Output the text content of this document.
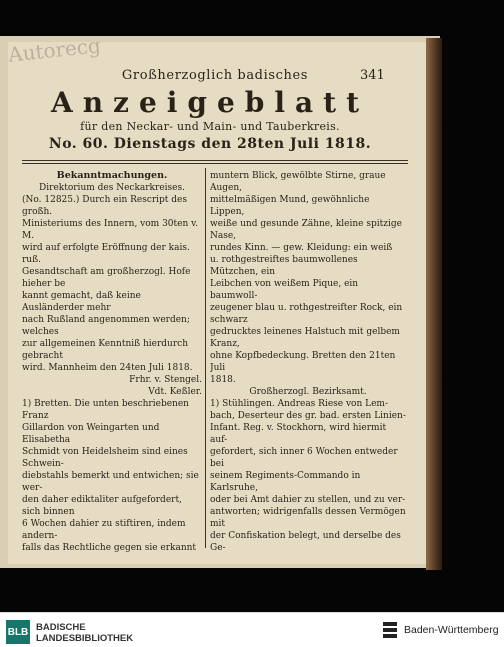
Autorecg
Großherzoglich badisches	341
Anzeigeblatt
für den Neckar- und Main- und Tauberkreis.
No. 60. Dienstags den 28ten Juli 1818.

Bekanntmachungen.

Direktorium des Neckarkreises.

(No. 12825.) Durch ein Rescript des großh.

Ministeriums des Innern, vom 30ten v. M.

wird auf erfolgte Eröffnung der kais. ruß.

Gesandtschaft am großherzogl. Hofe hieher be

kannt gemacht, daß keine Ausländerder mehr

nach Rußland angenommen werden; welches

zur allgemeinen Kenntniß hierdurch gebracht

wird. Mannheim den 24ten Juli 1818.

Frhr. v. Stengel.

Vdt. Keßler.

1) Bretten. Die unten beschriebenen Franz

Gillardon von Weingarten und Elisabetha

Schmidt von Heidelsheim sind eines Schwein-

diebstahls bemerkt und entwichen; sie wer-

den daher ediktaliter aufgefordert, sich binnen

6 Wochen dahier zu stiftiren, indem andern-

falls das Rechtliche gegen sie erkannt

muntern Blick, gewölbte Stirne, graue Augen,

mittelmäßigen Mund, gewöhnliche Lippen,

weiße und gesunde Zähne, kleine spitzige Nase,

rundes Kinn. — gew. Kleidung: ein weiß

u. rothgestreiftes baumwollenes Mützchen, ein

Leibchen von weißem Pique, ein baumwoll-

zeugener blau u. rothgestreifter Rock, ein schwarz

gedrucktes leinenes Halstuch mit gelbem Kranz,

ohne Kopfbedeckung. Bretten den 21ten Juli

1818.

Großherzogl. Bezirksamt.

1) Stühlingen. Andreas Riese von Lem-

bach, Deserteur des gr. bad. ersten Linien-

Infant. Reg. v. Stockhorn, wird hiermit auf-

gefordert, sich inner 6 Wochen entweder bei

seinem Regiments-Commando in Karlsruhe,

oder bei Amt dahier zu stellen, und zu ver-

antworten; widrigenfalls dessen Vermögen mit

der Confiskation belegt, und derselbe des Ge-

BLB BADISCHE
LANDESBIBLIOTHEK
Baden-Württemberg
